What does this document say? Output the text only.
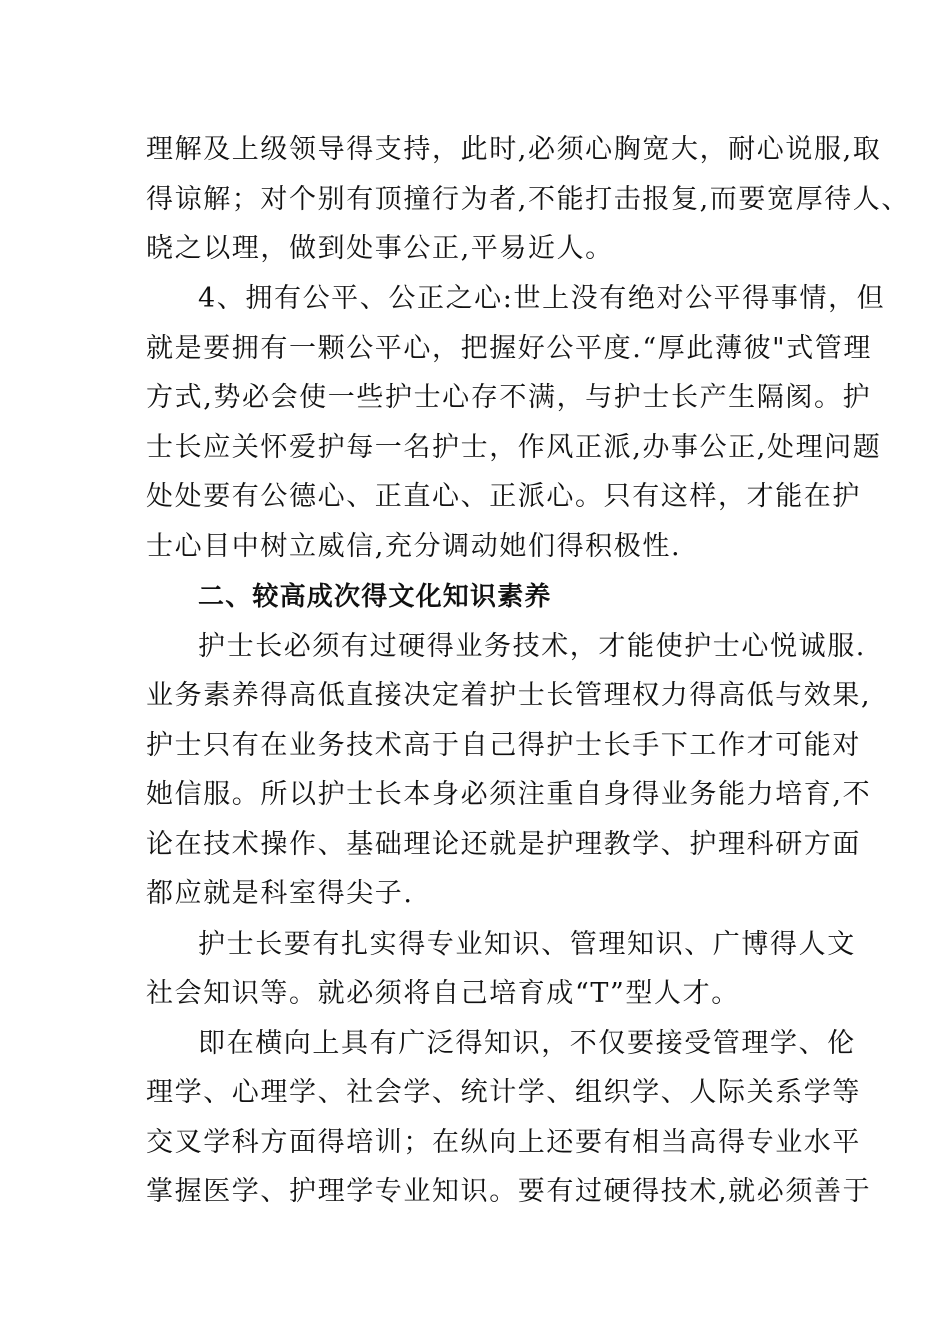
理解及上级领导得支持，此时,必须心胸宽大，耐心说服,取
得谅解；对个别有顶撞行为者,不能打击报复,而要宽厚待人、
晓之以理，做到处事公正,平易近人。
4、拥有公平、公正之心:世上没有绝对公平得事情，但
就是要拥有一颗公平心，把握好公平度.“厚此薄彼"式管理
方式,势必会使一些护士心存不满，与护士长产生隔阂。护
士长应关怀爱护每一名护士，作风正派,办事公正,处理问题
处处要有公德心、正直心、正派心。只有这样，才能在护
士心目中树立威信,充分调动她们得积极性.
二、较高成次得文化知识素养
护士长必须有过硬得业务技术，才能使护士心悦诚服.
业务素养得高低直接决定着护士长管理权力得高低与效果,
护士只有在业务技术高于自己得护士长手下工作才可能对
她信服。所以护士长本身必须注重自身得业务能力培育,不
论在技术操作、基础理论还就是护理教学、护理科研方面
都应就是科室得尖子.
护士长要有扎实得专业知识、管理知识、广博得人文
社会知识等。就必须将自己培育成“T”型人才。
即在横向上具有广泛得知识，不仅要接受管理学、伦
理学、心理学、社会学、统计学、组织学、人际关系学等
交叉学科方面得培训；在纵向上还要有相当高得专业水平
掌握医学、护理学专业知识。要有过硬得技术,就必须善于
